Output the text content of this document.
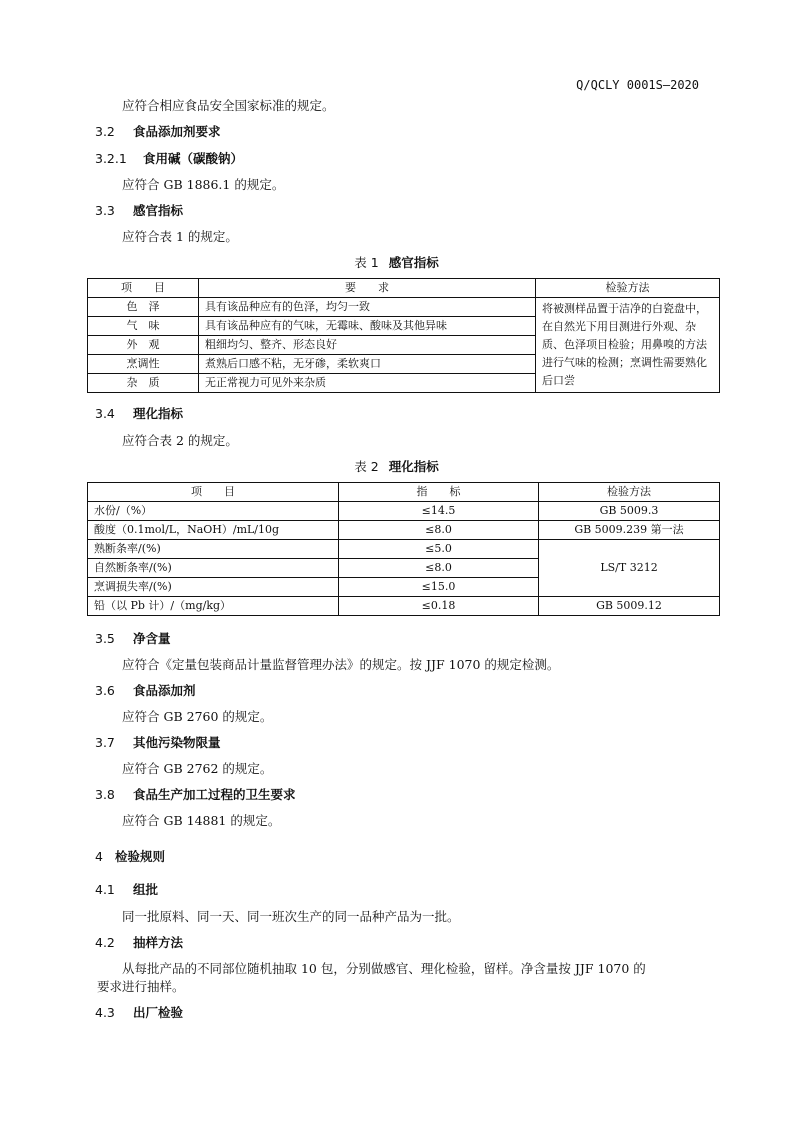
Q/QCLY 0001S—2020
应符合相应食品安全国家标准的规定。
3.2 食品添加剂要求
3.2.1 食用碱（碳酸钠）
应符合 GB 1886.1 的规定。
3.3 感官指标
应符合表 1 的规定。
表 1 感官指标
项　　目	要　　求	检验方法
色　泽	具有该品种应有的色泽，均匀一致	将被测样品置于洁净的白瓷盘中，在自然光下用目测进行外观、杂质、色泽项目检验；用鼻嗅的方法进行气味的检测；烹调性需要熟化后口尝
气　味	具有该品种应有的气味，无霉味、酸味及其他异味	
外　观	粗细均匀、整齐、形态良好	
烹调性	煮熟后口感不粘，无牙碜，柔软爽口	
杂　质	无正常视力可见外来杂质	
3.4 理化指标
应符合表 2 的规定。
表 2 理化指标
项　　目	指　　标	检验方法
水份/（%）	≤14.5	GB 5009.3
酸度（0.1mol/L，NaOH）/mL/10g	≤8.0	GB 5009.239 第一法
熟断条率/(%)	≤5.0	LS/T 3212
自然断条率/(%)	≤8.0	
烹调损失率/(%)	≤15.0	
铅（以 Pb 计）/（mg/kg）	≤0.18	GB 5009.12
3.5 净含量
应符合《定量包装商品计量监督管理办法》的规定。按 JJF 1070 的规定检测。
3.6 食品添加剂
应符合 GB 2760 的规定。
3.7 其他污染物限量
应符合 GB 2762 的规定。
3.8 食品生产加工过程的卫生要求
应符合 GB 14881 的规定。
4 检验规则
4.1 组批
同一批原料、同一天、同一班次生产的同一品种产品为一批。
4.2 抽样方法
从每批产品的不同部位随机抽取 10 包，分别做感官、理化检验，留样。净含量按 JJF 1070 的
要求进行抽样。
4.3 出厂检验
